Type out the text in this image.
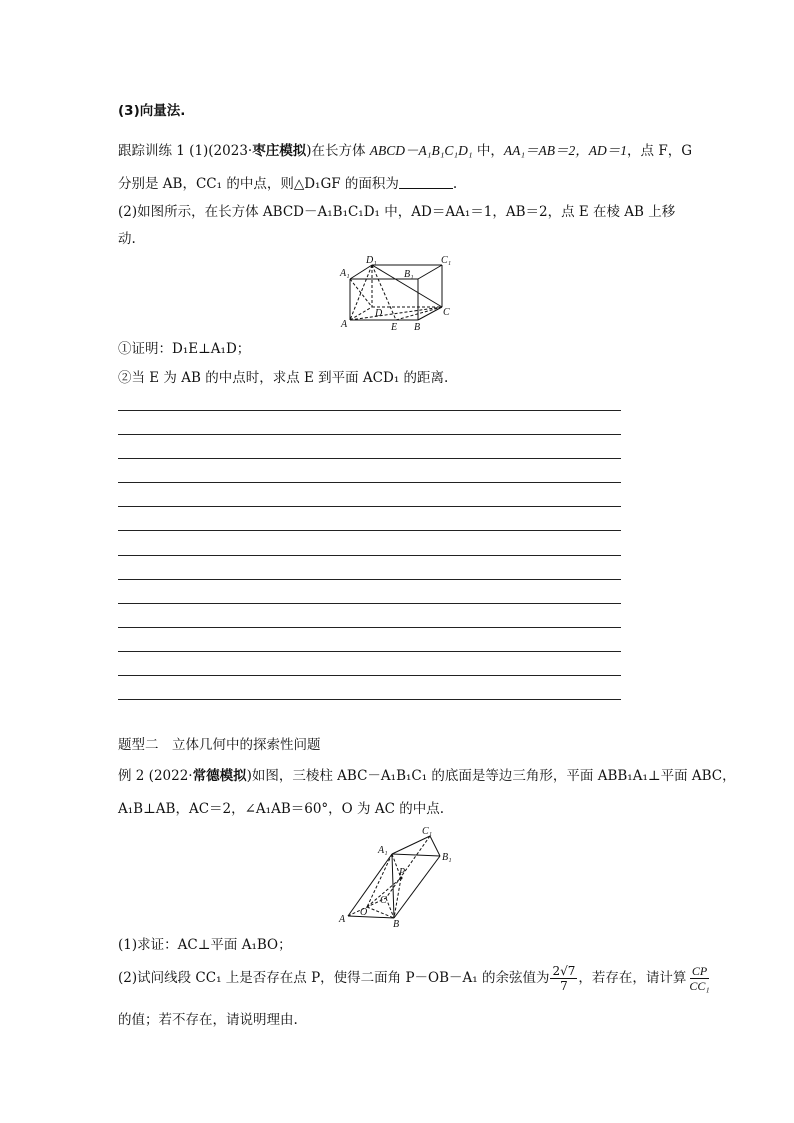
(3)向量法.
跟踪训练 1 (1)(2023·枣庄模拟)在长方体 ABCD－A₁B₁C₁D₁ 中，AA₁＝AB＝2，AD＝1，点 F，G
分别是 AB，CC₁ 的中点，则△D₁GF 的面积为	.
(2)如图所示，在长方体 ABCD－A₁B₁C₁D₁ 中，AD＝AA₁＝1，AB＝2，点 E 在棱 AB 上移
动.
A₁
D₁
B₁
C₁
A
D
E B
C
①证明：D₁E⊥A₁D；
②当 E 为 AB 的中点时，求点 E 到平面 ACD₁ 的距离.
题型二　立体几何中的探索性问题
例 2 (2022·常德模拟)如图，三棱柱 ABC－A₁B₁C₁ 的底面是等边三角形，平面 ABB₁A₁⊥平面 ABC，
A₁B⊥AB，AC＝2，∠A₁AB＝60°，O 为 AC 的中点.
A₁
C₁
B₁
P
C
O
A	B
(1)求证：AC⊥平面 A₁BO；
(2)试问线段 CC₁ 上是否存在点 P，使得二面角 P－OB－A₁ 的余弦值为 $\frac{2√7}{7}$ ，若存在，请计算 $\frac{CP}{\text{CC₁}}$
的值；若不存在，请说明理由.
